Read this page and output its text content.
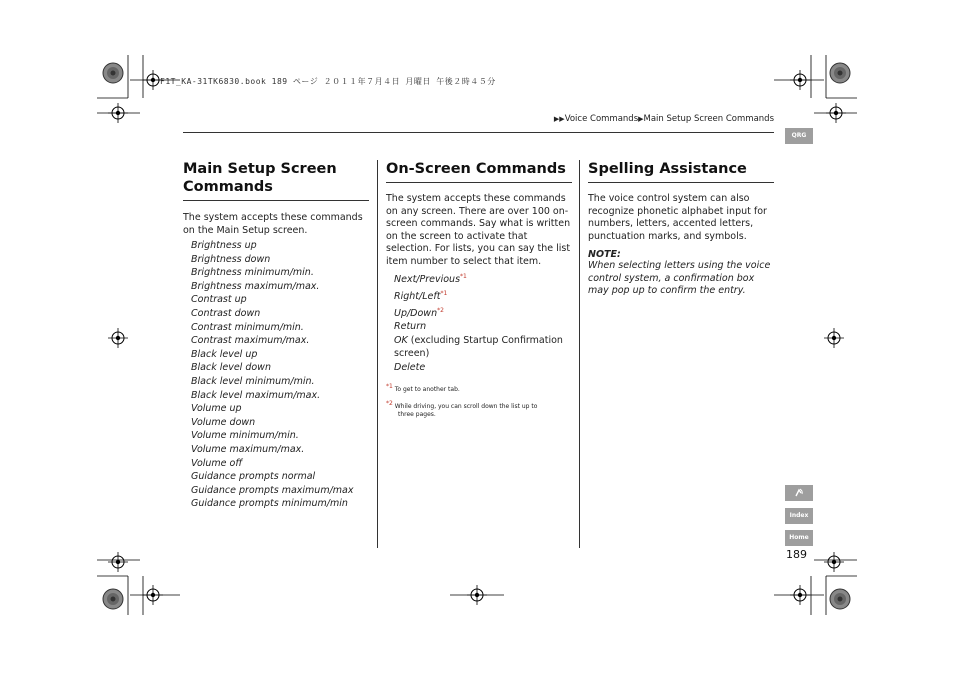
F1T_KA-31TK6830.book 189 ページ ２０１１年７月４日 月曜日 午後２時４５分
▶▶Voice Commands▶Main Setup Screen Commands
QRG
Main Setup Screen
Commands

The system accepts these commands on the Main Setup screen.

Brightness up
Brightness down
Brightness minimum/min.
Brightness maximum/max.
Contrast up
Contrast down
Contrast minimum/min.
Contrast maximum/max.
Black level up
Black level down
Black level minimum/min.
Black level maximum/max.
Volume up
Volume down
Volume minimum/min.
Volume maximum/max.
Volume off
Guidance prompts normal
Guidance prompts maximum/max
Guidance prompts minimum/min
On-Screen Commands

The system accepts these commands on any screen. There are over 100 on-screen commands. Say what is written on the screen to activate that selection. For lists, you can say the list item number to select that item.

Next/Previous$^{*1}$
Right/Left$^{*1}$
Up/Down$^{*2}$
Return
OK (excluding Startup Confirmation screen)
Delete
*1 To get to another tab.
*2 While driving, you can scroll down the list up to
three pages.
Spelling Assistance

The voice control system can also recognize phonetic alphabet input for numbers, letters, accented letters, punctuation marks, and symbols.

NOTE:
When selecting letters using the voice control system, a confirmation box may pop up to confirm the entry.
Index
Home
189
